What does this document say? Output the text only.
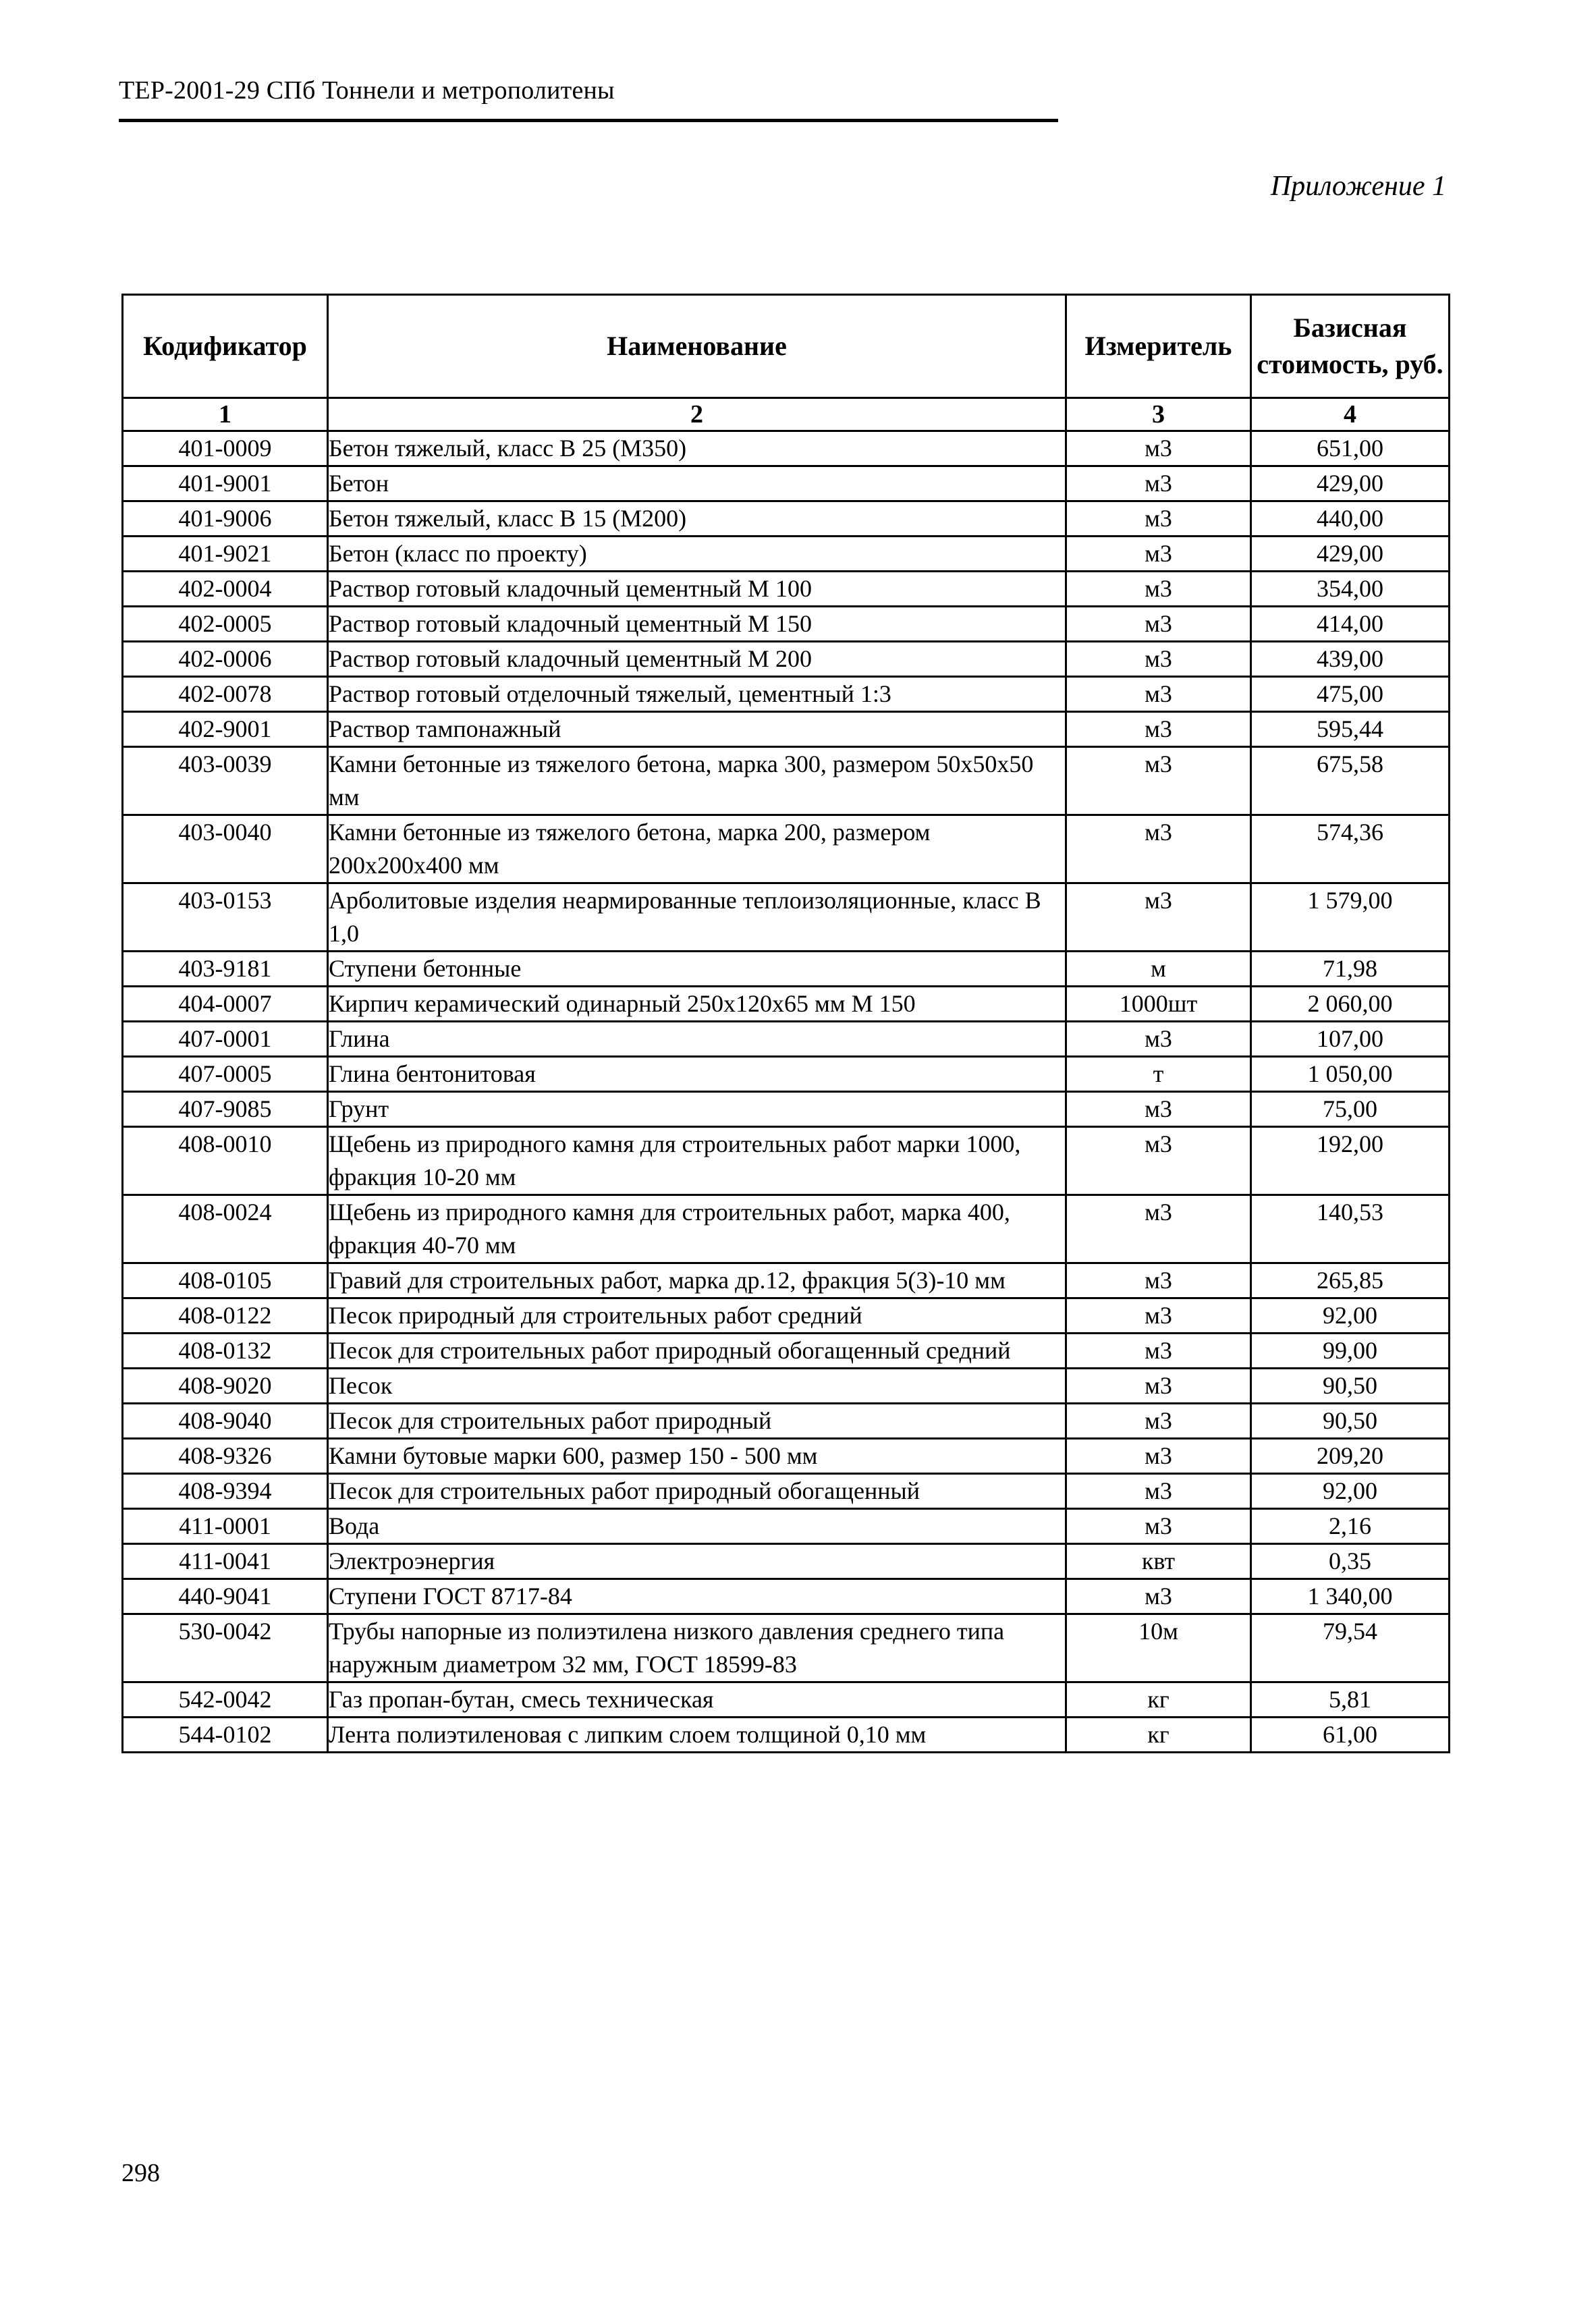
ТЕР-2001-29 СПб Тоннели и метрополитены
Приложение 1
Кодификатор	Наименование	Измеритель	Базисная стоимость, руб.
1	2	3	4
401-0009	Бетон тяжелый, класс В 25 (М350)	м3	651,00
401-9001	Бетон	м3	429,00
401-9006	Бетон тяжелый, класс В 15 (М200)	м3	440,00
401-9021	Бетон (класс по проекту)	м3	429,00
402-0004	Раствор готовый кладочный цементный М 100	м3	354,00
402-0005	Раствор готовый кладочный цементный М 150	м3	414,00
402-0006	Раствор готовый кладочный цементный М 200	м3	439,00
402-0078	Раствор готовый отделочный тяжелый, цементный 1:3	м3	475,00
402-9001	Раствор тампонажный	м3	595,44
403-0039	Камни бетонные из тяжелого бетона, марка 300, размером 50x50x50 мм	м3	675,58
403-0040	Камни бетонные из тяжелого бетона, марка 200, размером 200x200x400 мм	м3	574,36
403-0153	Арболитовые изделия неармированные теплоизоляционные, класс В 1,0	м3	1 579,00
403-9181	Ступени бетонные	м	71,98
404-0007	Кирпич керамический одинарный 250x120x65 мм М 150	1000шт	2 060,00
407-0001	Глина	м3	107,00
407-0005	Глина бентонитовая	т	1 050,00
407-9085	Грунт	м3	75,00
408-0010	Щебень из природного камня для строительных работ марки 1000, фракция 10-20 мм	м3	192,00
408-0024	Щебень из природного камня для строительных работ, марка 400, фракция 40-70 мм	м3	140,53
408-0105	Гравий для строительных работ, марка др.12, фракция 5(3)-10 мм	м3	265,85
408-0122	Песок природный для строительных работ средний	м3	92,00
408-0132	Песок для строительных работ природный обогащенный средний	м3	99,00
408-9020	Песок	м3	90,50
408-9040	Песок для строительных работ природный	м3	90,50
408-9326	Камни бутовые марки 600, размер 150 - 500 мм	м3	209,20
408-9394	Песок для строительных работ природный обогащенный	м3	92,00
411-0001	Вода	м3	2,16
411-0041	Электроэнергия	квт	0,35
440-9041	Ступени ГОСТ 8717-84	м3	1 340,00
530-0042	Трубы напорные из полиэтилена низкого давления среднего типа наружным диаметром 32 мм, ГОСТ 18599-83	10м	79,54
542-0042	Газ пропан-бутан, смесь техническая	кг	5,81
544-0102	Лента полиэтиленовая с липким слоем толщиной 0,10 мм	кг	61,00
298
